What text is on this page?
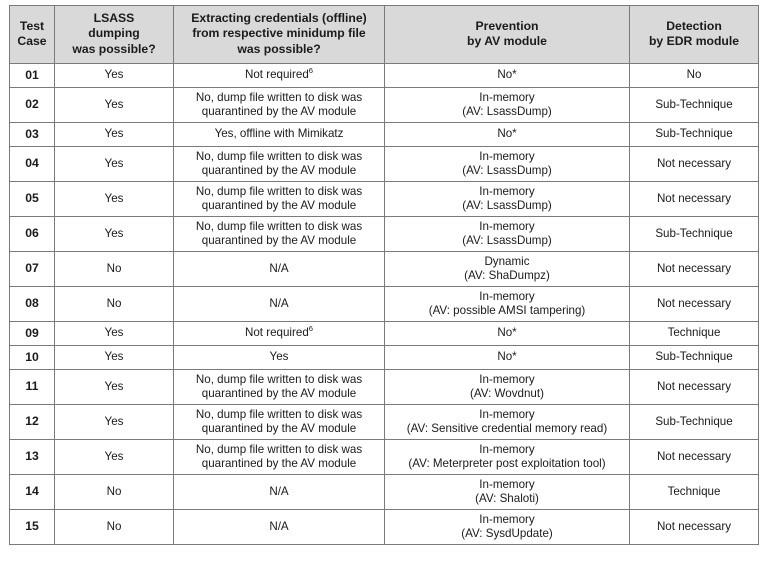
Test
Case	LSASS
dumping
was possible?	Extracting credentials (offline)
from respective minidump file
was possible?	Prevention
by AV module	Detection
by EDR module

01	Yes	Not required$^6$	No*	No
02	Yes	No, dump file written to disk was
quarantined by the AV module	In-memory
(AV: LsassDump)	Sub-Technique
03	Yes	Yes, offline with Mimikatz	No*	Sub-Technique
04	Yes	No, dump file written to disk was
quarantined by the AV module	In-memory
(AV: LsassDump)	Not necessary
05	Yes	No, dump file written to disk was
quarantined by the AV module	In-memory
(AV: LsassDump)	Not necessary
06	Yes	No, dump file written to disk was
quarantined by the AV module	In-memory
(AV: LsassDump)	Sub-Technique
07	No	N/A	Dynamic
(AV: ShaDumpz)	Not necessary
08	No	N/A	In-memory
(AV: possible AMSI tampering)	Not necessary
09	Yes	Not required$^6$	No*	Technique
10	Yes	Yes	No*	Sub-Technique
11	Yes	No, dump file written to disk was
quarantined by the AV module	In-memory
(AV: Wovdnut)	Not necessary
12	Yes	No, dump file written to disk was
quarantined by the AV module	In-memory
(AV: Sensitive credential memory read)	Sub-Technique
13	Yes	No, dump file written to disk was
quarantined by the AV module	In-memory
(AV: Meterpreter post exploitation tool)	Not necessary
14	No	N/A	In-memory
(AV: Shaloti)	Technique
15	No	N/A	In-memory
(AV: SysdUpdate)	Not necessary
